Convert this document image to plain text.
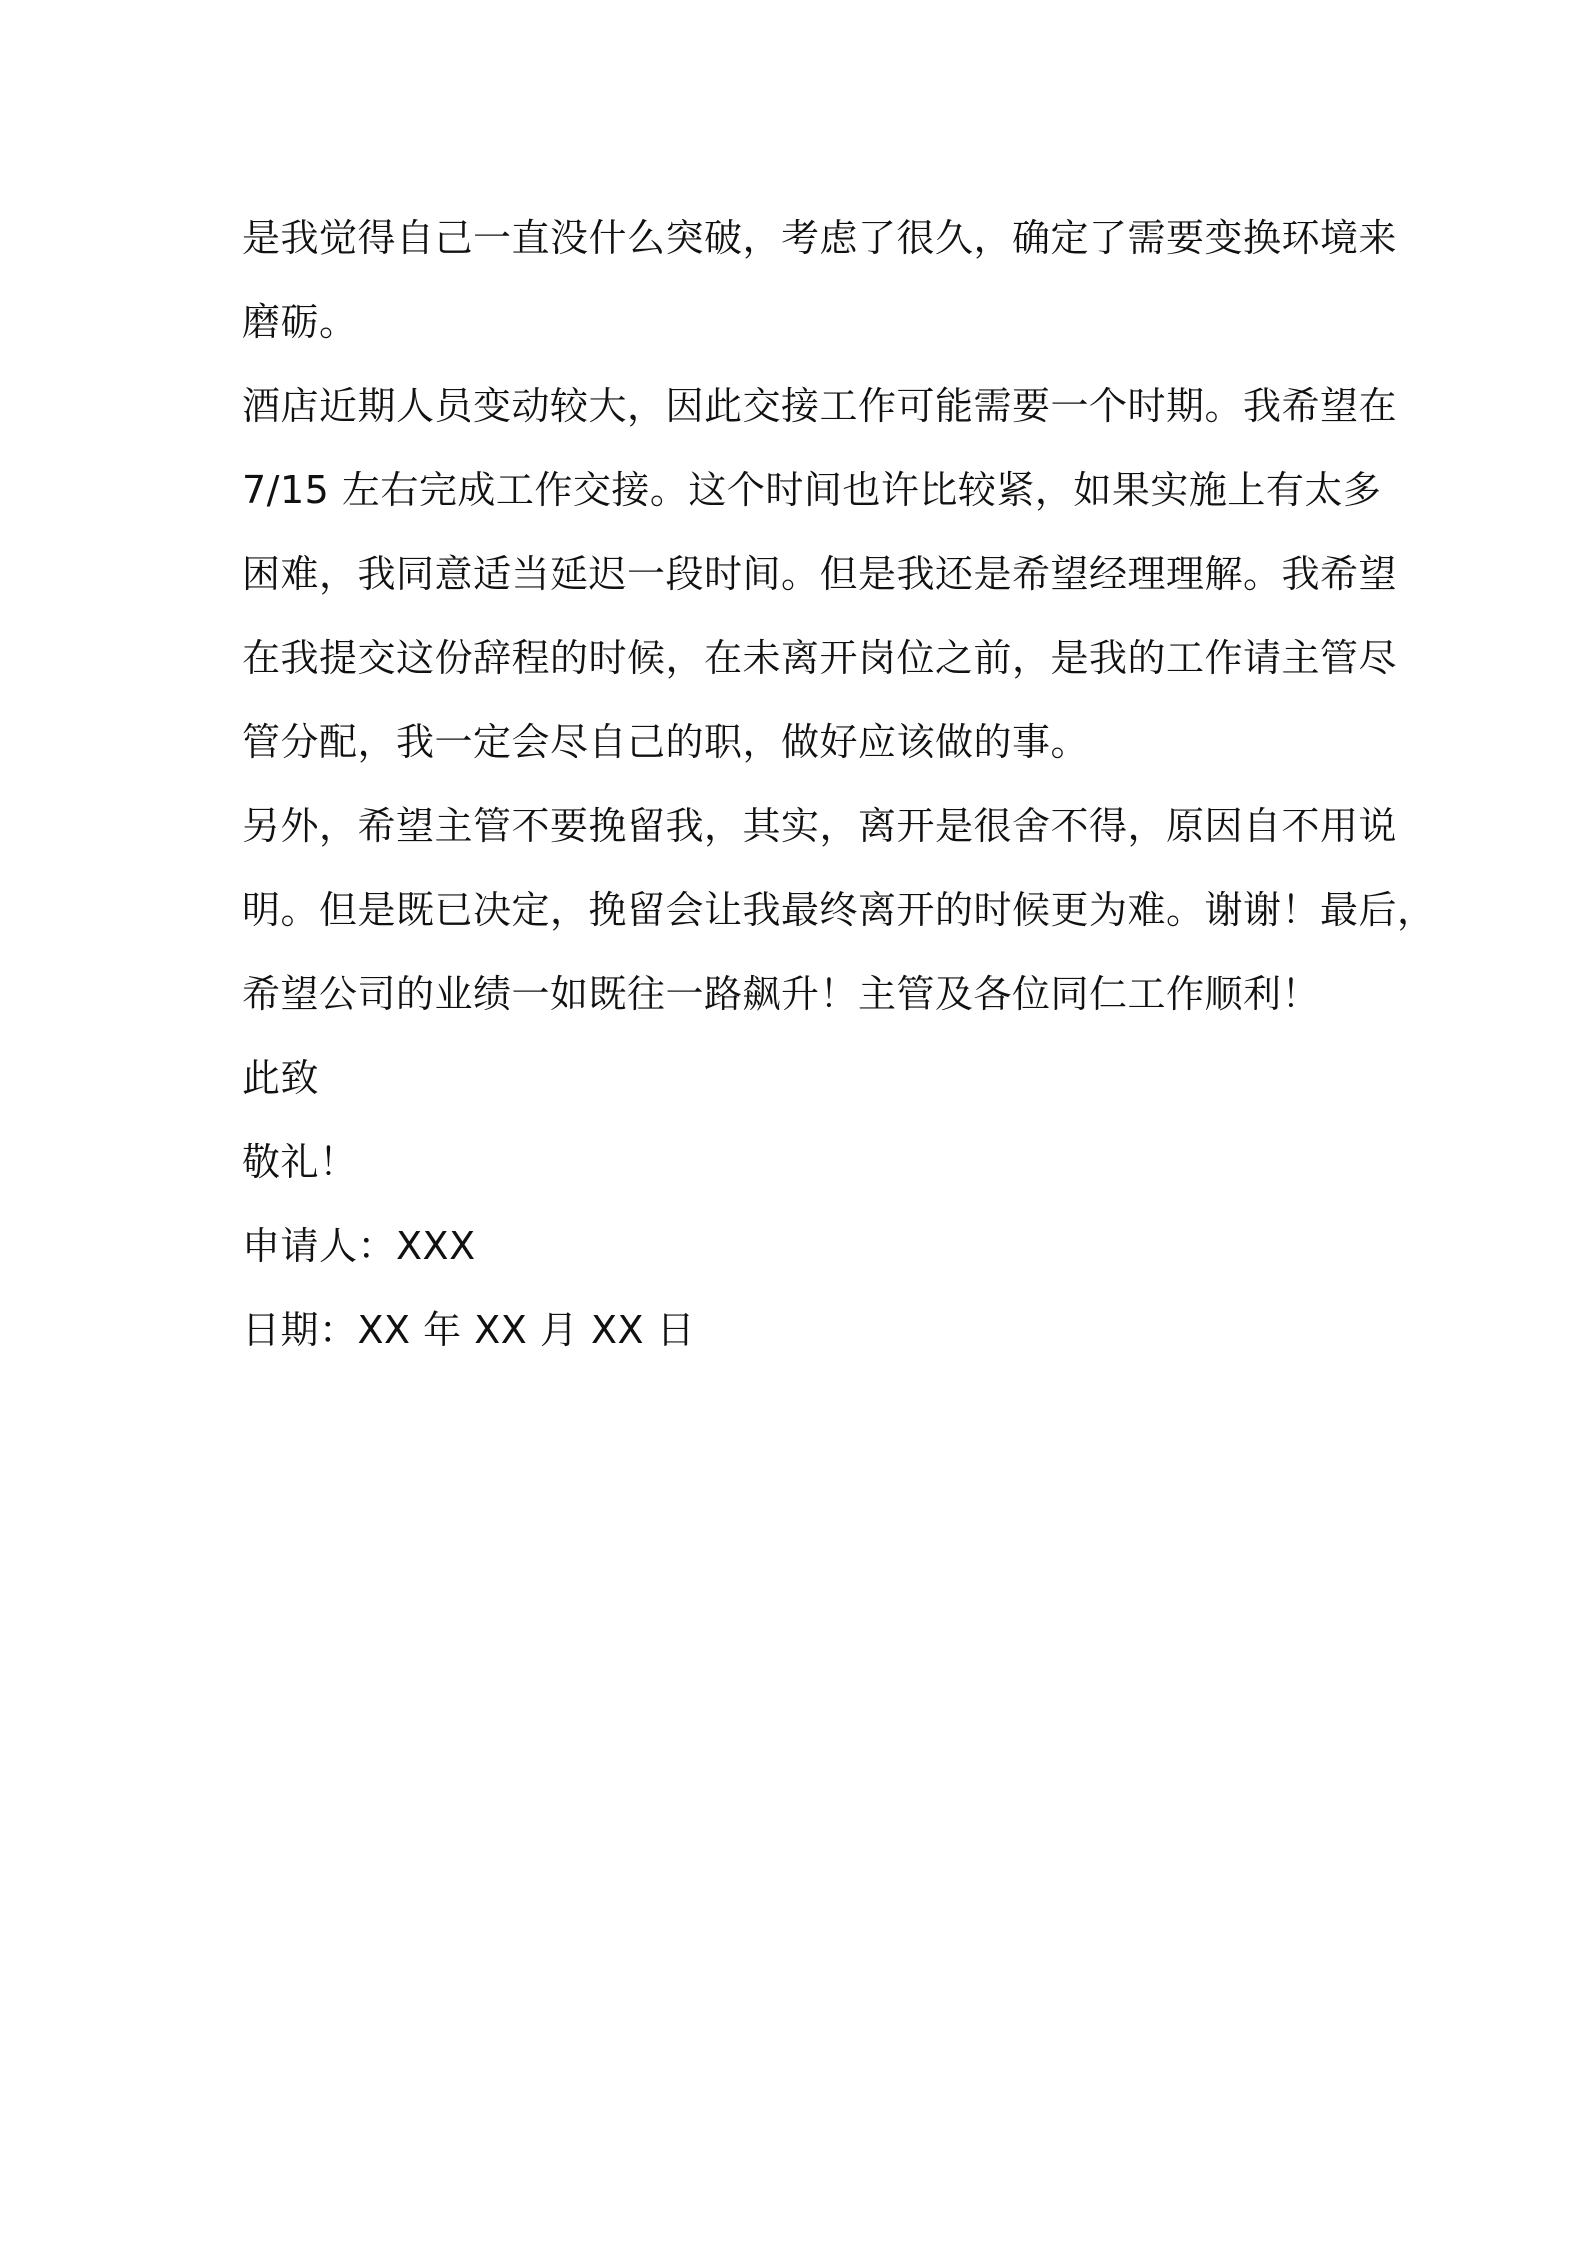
是我觉得自己一直没什么突破，考虑了很久，确定了需要变换环境来
磨砺。
酒店近期人员变动较大，因此交接工作可能需要一个时期。我希望在
7/15 左右完成工作交接。这个时间也许比较紧，如果实施上有太多
困难，我同意适当延迟一段时间。但是我还是希望经理理解。我希望
在我提交这份辞程的时候，在未离开岗位之前，是我的工作请主管尽
管分配，我一定会尽自己的职，做好应该做的事。
另外，希望主管不要挽留我，其实，离开是很舍不得，原因自不用说
明。但是既已决定，挽留会让我最终离开的时候更为难。谢谢！最后，
希望公司的业绩一如既往一路飙升！主管及各位同仁工作顺利！
此致
敬礼！
申请人：XXX
日期：XX 年 XX 月 XX 日
